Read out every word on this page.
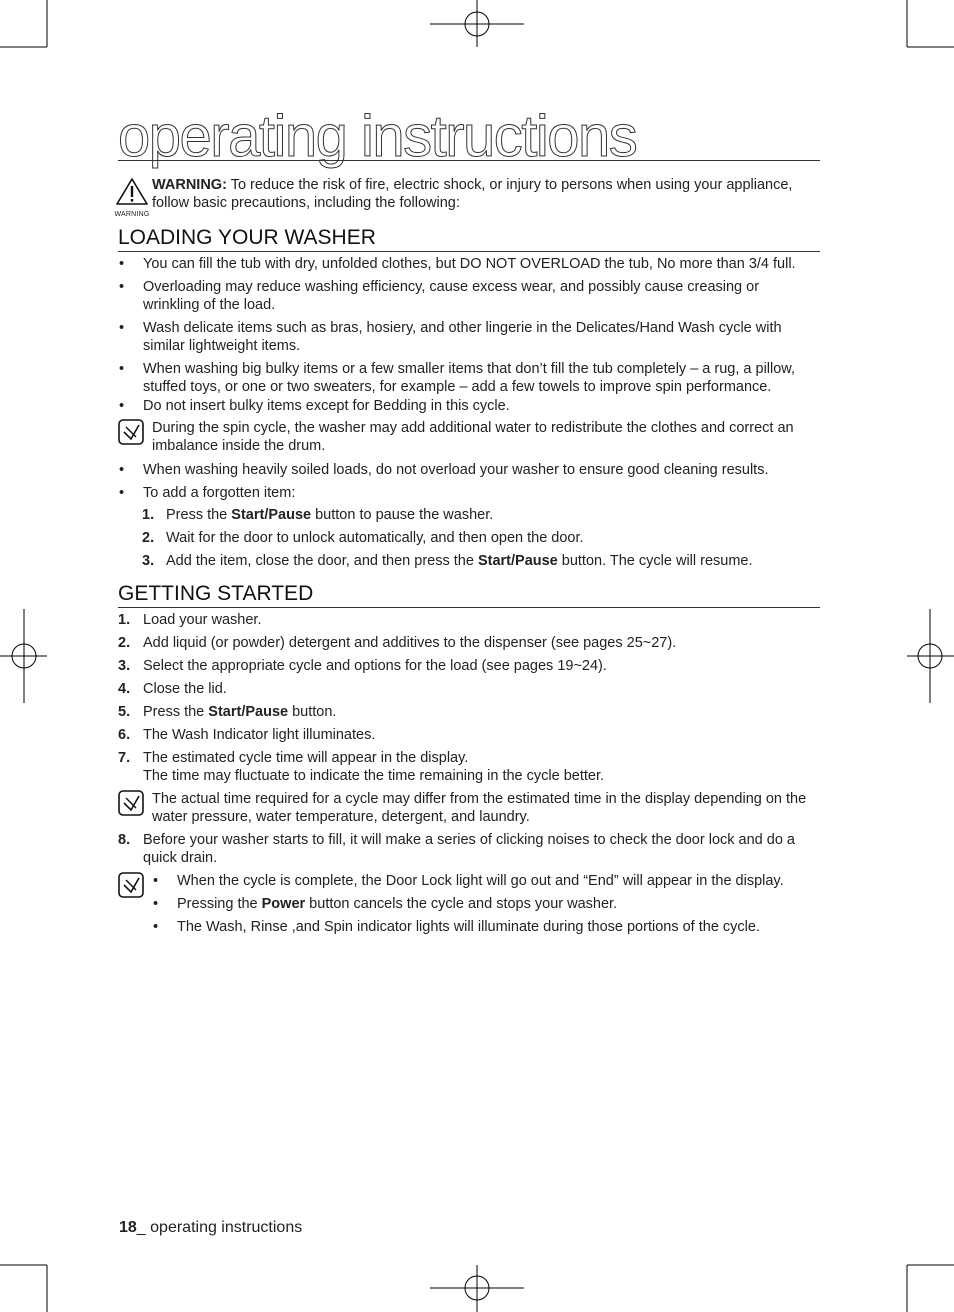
operating instructions
WARNING
WARNING: To reduce the risk of fire, electric shock, or injury to persons when using your appliance, follow basic precautions, including the following:
LOADING YOUR WASHER
• You can fill the tub with dry, unfolded clothes, but DO NOT OVERLOAD the tub, No more than 3/4 full.
• Overloading may reduce washing efficiency, cause excess wear, and possibly cause creasing or wrinkling of the load.
• Wash delicate items such as bras, hosiery, and other lingerie in the Delicates/Hand Wash cycle with similar lightweight items.
• When washing big bulky items or a few smaller items that don’t fill the tub completely – a rug, a pillow, stuffed toys, or one or two sweaters, for example – add a few towels to improve spin performance.
• Do not insert bulky items except for Bedding in this cycle.
During the spin cycle, the washer may add additional water to redistribute the clothes and correct an imbalance inside the drum.
• When washing heavily soiled loads, do not overload your washer to ensure good cleaning results.
• To add a forgotten item:
1. Press the Start/Pause button to pause the washer.
2. Wait for the door to unlock automatically, and then open the door.
3. Add the item, close the door, and then press the Start/Pause button. The cycle will resume.
GETTING STARTED
1. Load your washer.
2. Add liquid (or powder) detergent and additives to the dispenser (see pages 25~27).
3. Select the appropriate cycle and options for the load (see pages 19~24).
4. Close the lid.
5. Press the Start/Pause button.
6. The Wash Indicator light illuminates.
7. The estimated cycle time will appear in the display.
The time may fluctuate to indicate the time remaining in the cycle better.
The actual time required for a cycle may differ from the estimated time in the display depending on the water pressure, water temperature, detergent, and laundry.
8. Before your washer starts to fill, it will make a series of clicking noises to check the door lock and do a quick drain.
• When the cycle is complete, the Door Lock light will go out and “End” will appear in the display.
• Pressing the Power button cancels the cycle and stops your washer.
• The Wash, Rinse ,and Spin indicator lights will illuminate during those portions of the cycle.
18_ operating instructions
